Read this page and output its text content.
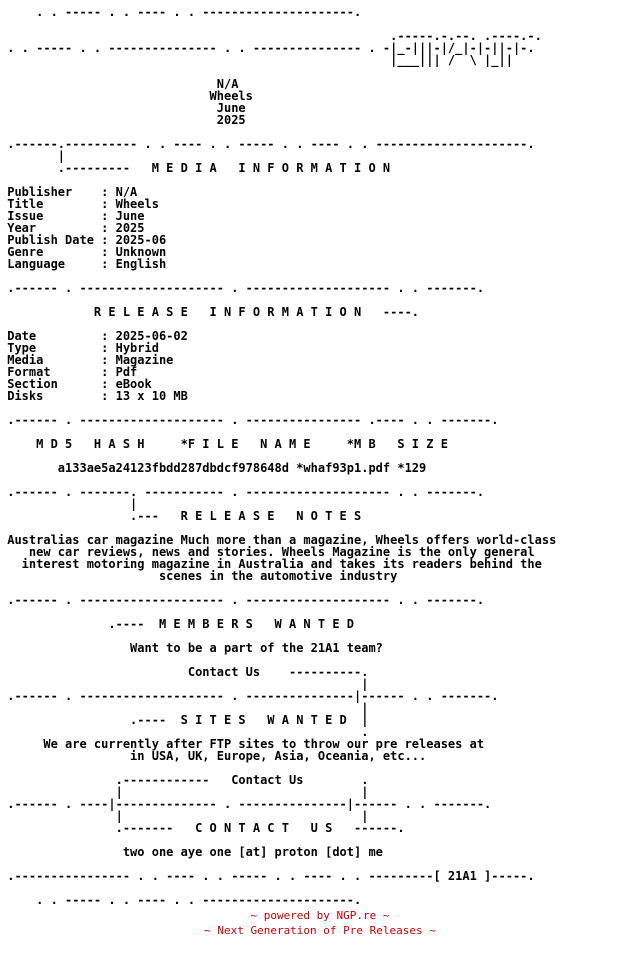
. . ----- . . ---- . . ---------------------.
.-----.-.--. .----.-.
. . ----- . . --------------- . . --------------- . -|_-|||-|/_|-|-||-|-.
|___||| /  \ |_||
N/A
Wheels
June
2025
.------.---------- . . ---- . . ----- . . ---- . . ---------------------.
|
.---------   M E D I A   I N F O R M A T I O N
Publisher    : N/A
Title        : Wheels
Issue        : June
Year         : 2025
Publish Date : 2025-06
Genre        : Unknown
Language     : English
.------ . -------------------- . -------------------- . . -------.
R E L E A S E   I N F O R M A T I O N   ----.
Date         : 2025-06-02
Type         : Hybrid
Media        : Magazine
Format       : Pdf
Section      : eBook
Disks        : 13 x 10 MB
.------ . -------------------- . ---------------- .---- . . -------.
M D 5   H A S H     *F I L E   N A M E     *M B   S I Z E
a133ae5a24123fbdd287dbdcf978648d *whaf93p1.pdf *129
.------ . -------. ----------- . -------------------- . . -------.
|
.---   R E L E A S E   N O T E S
Australias car magazine Much more than a magazine, Wheels offers world-class
new car reviews, news and stories. Wheels Magazine is the only general
interest motoring magazine in Australia and takes its readers behind the
scenes in the automotive industry
.------ . -------------------- . -------------------- . . -------.
.----  M E M B E R S   W A N T E D
Want to be a part of the 21A1 team?
Contact Us    ----------.
|
.------ . -------------------- . ---------------|------ . . -------.
|
.----  S I T E S   W A N T E D  |
.
We are currently after FTP sites to throw our pre releases at
in USA, UK, Europe, Asia, Oceania, etc...
.------------   Contact Us        .
|                                 |
.------ . ----|-------------- . ---------------|------ . . -------.
|                                 |
.-------   C O N T A C T   U S   ------.
two one aye one [at] proton [dot] me
.---------------- . . ---- . . ----- . . ---- . . ---------[ 21A1 ]-----.
. . ----- . . ---- . . ---------------------.
~ powered by NGP.re ~
~ Next Generation of Pre Releases ~
